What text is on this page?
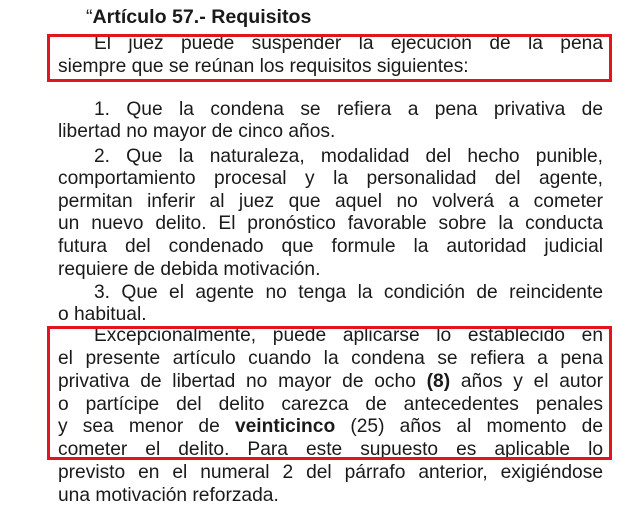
“Artículo 57.- Requisitos
El juez puede suspender la ejecución de la pena
siempre que se reúnan los requisitos siguientes:
1. Que la condena se refiera a pena privativa de
libertad no mayor de cinco años.
2. Que la naturaleza, modalidad del hecho punible,
comportamiento procesal y la personalidad del agente,
permitan inferir al juez que aquel no volverá a cometer
un nuevo delito. El pronóstico favorable sobre la conducta
futura del condenado que formule la autoridad judicial
requiere de debida motivación.
3. Que el agente no tenga la condición de reincidente
o habitual.
Excepcionalmente, puede aplicarse lo establecido en
el presente artículo cuando la condena se refiera a pena
privativa de libertad no mayor de ocho (8) años y el autor
o partícipe del delito carezca de antecedentes penales
y sea menor de veinticinco (25) años al momento de
cometer el delito. Para este supuesto es aplicable lo
previsto en el numeral 2 del párrafo anterior, exigiéndose
una motivación reforzada.
